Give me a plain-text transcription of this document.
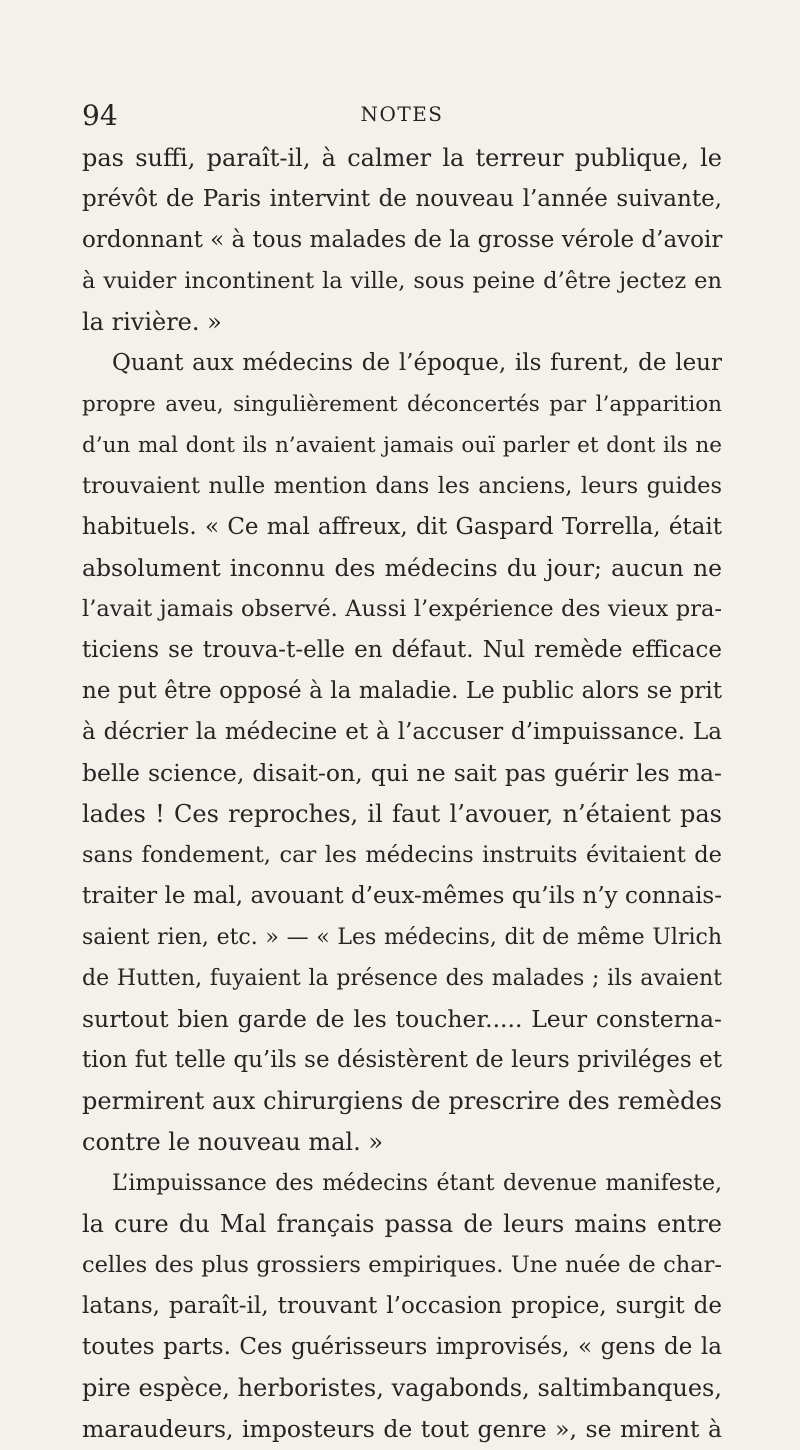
94	NOTES
pas suffi, paraît-il, à calmer la terreur publique, le
prévôt de Paris intervint de nouveau l’année suivante,
ordonnant « à tous malades de la grosse vérole d’avoir
à vuider incontinent la ville, sous peine d’être jectez en
la rivière. »
Quant aux médecins de l’époque, ils furent, de leur
propre aveu, singulièrement déconcertés par l’apparition
d’un mal dont ils n’avaient jamais ouï parler et dont ils ne
trouvaient nulle mention dans les anciens, leurs guides
habituels. « Ce mal affreux, dit Gaspard Torrella, était
absolument inconnu des médecins du jour; aucun ne
l’avait jamais observé. Aussi l’expérience des vieux pra-
ticiens se trouva-t-elle en défaut. Nul remède efficace
ne put être opposé à la maladie. Le public alors se prit
à décrier la médecine et à l’accuser d’impuissance. La
belle science, disait-on, qui ne sait pas guérir les ma-
lades ! Ces reproches, il faut l’avouer, n’étaient pas
sans fondement, car les médecins instruits évitaient de
traiter le mal, avouant d’eux-mêmes qu’ils n’y connais-
saient rien, etc. » — « Les médecins, dit de même Ulrich
de Hutten, fuyaient la présence des malades ; ils avaient
surtout bien garde de les toucher..... Leur consterna-
tion fut telle qu’ils se désistèrent de leurs priviléges et
permirent aux chirurgiens de prescrire des remèdes
contre le nouveau mal. »
L’impuissance des médecins étant devenue manifeste,
la cure du Mal français passa de leurs mains entre
celles des plus grossiers empiriques. Une nuée de char-
latans, paraît-il, trouvant l’occasion propice, surgit de
toutes parts. Ces guérisseurs improvisés, « gens de la
pire espèce, herboristes, vagabonds, saltimbanques,
maraudeurs, imposteurs de tout genre », se mirent à
